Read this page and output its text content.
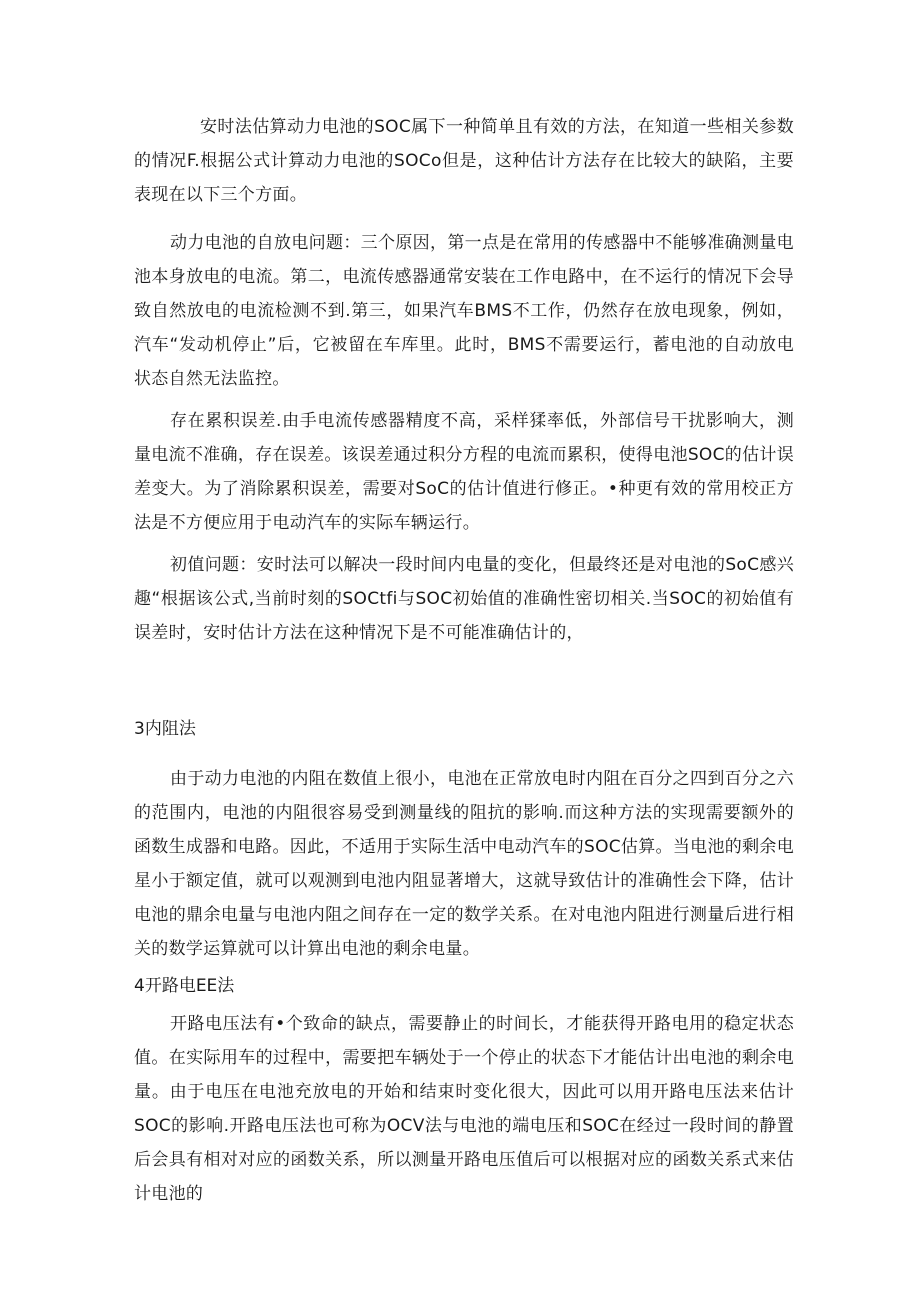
安时法估算动力电池的SOC属下一种简单且有效的方法，在知道一些相关参数的情况F.根据公式计算动力电池的SOCo但是，这种估计方法存在比较大的缺陷，主要表现在以下三个方面。

动力电池的自放电问题：三个原因，第一点是在常用的传感器中不能够准确测量电池本身放电的电流。第二，电流传感器通常安装在工作电路中，在不运行的情况下会导致自然放电的电流检测不到.第三，如果汽车BMS不工作，仍然存在放电现象，例如，汽车“发动机停止”后，它被留在车库里。此时，BMS不需要运行，蓄电池的自动放电状态自然无法监控。

存在累积误差.由手电流传感器精度不高，采样猱率低，外部信号干扰影响大，测量电流不准确，存在误差。该误差通过积分方程的电流而累积，使得电池SOC的估计误差变大。为了消除累积误差，需要对SoC的估计值进行修正。•种更有效的常用校正方法是不方便应用于电动汽车的实际车辆运行。

初值问题：安时法可以解决一段时间内电量的变化，但最终还是对电池的SoC感兴趣“根据该公式,当前时刻的SOCtfi与SOC初始值的准确性密切相关.当SOC的初始值有误差时，安时估计方法在这种情况下是不可能准确估计的，

3内阻法

由于动力电池的内阻在数值上很小，电池在正常放电时内阻在百分之四到百分之六的范围内，电池的内阻很容易受到测量线的阻抗的影响.而这种方法的实现需要额外的函数生成器和电路。因此，不适用于实际生活中电动汽车的SOC估算。当电池的剩余电星小于额定值，就可以观测到电池内阻显著增大，这就导致估计的准确性会下降，估计电池的鼎余电量与电池内阻之间存在一定的数学关系。在对电池内阻进行测量后进行相关的数学运算就可以计算出电池的剩余电量。

4开路电EE法

开路电压法有•个致命的缺点，需要静止的时间长，才能获得开路电用的稳定状态值。在实际用车的过程中，需要把车辆处于一个停止的状态下才能估计出电池的剩余电量。由于电压在电池充放电的开始和结束时变化很大，因此可以用开路电压法来估计SOC的影响.开路电压法也可称为OCV法与电池的端电压和SOC在经过一段时间的静置后会具有相对对应的函数关系，所以测量开路电压值后可以根据对应的函数关系式来估计电池的
